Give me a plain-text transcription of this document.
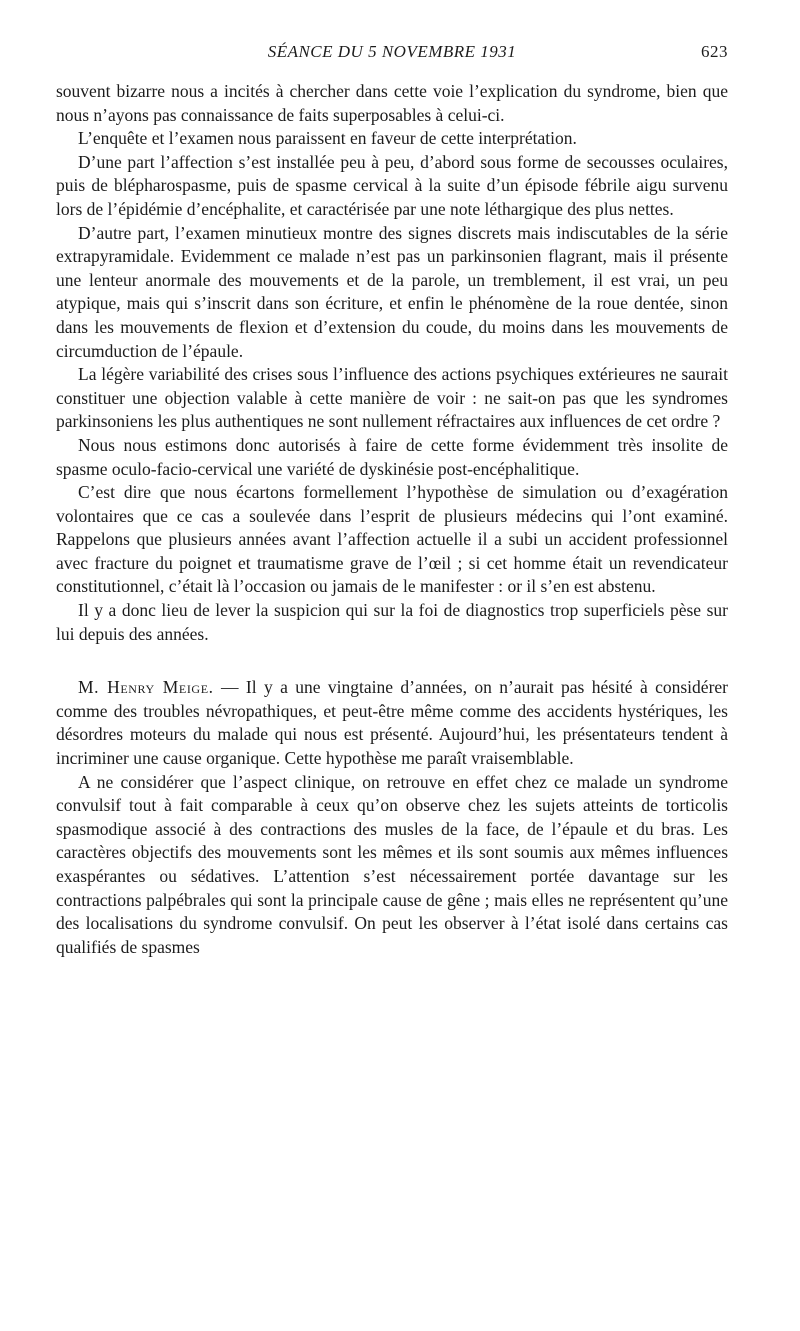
SÉANCE DU 5 NOVEMBRE 1931	623

souvent bizarre nous a incités à chercher dans cette voie l’explication du syndrome, bien que nous n’ayons pas connaissance de faits superposables à celui-ci.

L’enquête et l’examen nous paraissent en faveur de cette interprétation.

D’une part l’affection s’est installée peu à peu, d’abord sous forme de secousses oculaires, puis de blépharospasme, puis de spasme cervical à la suite d’un épisode fébrile aigu survenu lors de l’épidémie d’encéphalite, et caractérisée par une note léthargique des plus nettes.

D’autre part, l’examen minutieux montre des signes discrets mais indiscutables de la série extrapyramidale. Evidemment ce malade n’est pas un parkinsonien flagrant, mais il présente une lenteur anormale des mouvements et de la parole, un tremblement, il est vrai, un peu atypique, mais qui s’inscrit dans son écriture, et enfin le phénomène de la roue dentée, sinon dans les mouvements de flexion et d’extension du coude, du moins dans les mouvements de circumduction de l’épaule.

La légère variabilité des crises sous l’influence des actions psychiques extérieures ne saurait constituer une objection valable à cette manière de voir : ne sait-on pas que les syndromes parkinsoniens les plus authentiques ne sont nullement réfractaires aux influences de cet ordre ?

Nous nous estimons donc autorisés à faire de cette forme évidemment très insolite de spasme oculo-facio-cervical une variété de dyskinésie post-encéphalitique.

C’est dire que nous écartons formellement l’hypothèse de simulation ou d’exagération volontaires que ce cas a soulevée dans l’esprit de plusieurs médecins qui l’ont examiné. Rappelons que plusieurs années avant l’affection actuelle il a subi un accident professionnel avec fracture du poignet et traumatisme grave de l’œil ; si cet homme était un revendicateur constitutionnel, c’était là l’occasion ou jamais de le manifester : or il s’en est abstenu.

Il y a donc lieu de lever la suspicion qui sur la foi de diagnostics trop superficiels pèse sur lui depuis des années.

M. Henry Meige. — Il y a une vingtaine d’années, on n’aurait pas hésité à considérer comme des troubles névropathiques, et peut-être même comme des accidents hystériques, les désordres moteurs du malade qui nous est présenté. Aujourd’hui, les présentateurs tendent à incriminer une cause organique. Cette hypothèse me paraît vraisemblable.

A ne considérer que l’aspect clinique, on retrouve en effet chez ce malade un syndrome convulsif tout à fait comparable à ceux qu’on observe chez les sujets atteints de torticolis spasmodique associé à des contractions des musles de la face, de l’épaule et du bras. Les caractères objectifs des mouvements sont les mêmes et ils sont soumis aux mêmes influences exaspérantes ou sédatives. L’attention s’est nécessairement portée davantage sur les contractions palpébrales qui sont la principale cause de gêne ; mais elles ne représentent qu’une des localisations du syndrome convulsif. On peut les observer à l’état isolé dans certains cas qualifiés de spasmes
